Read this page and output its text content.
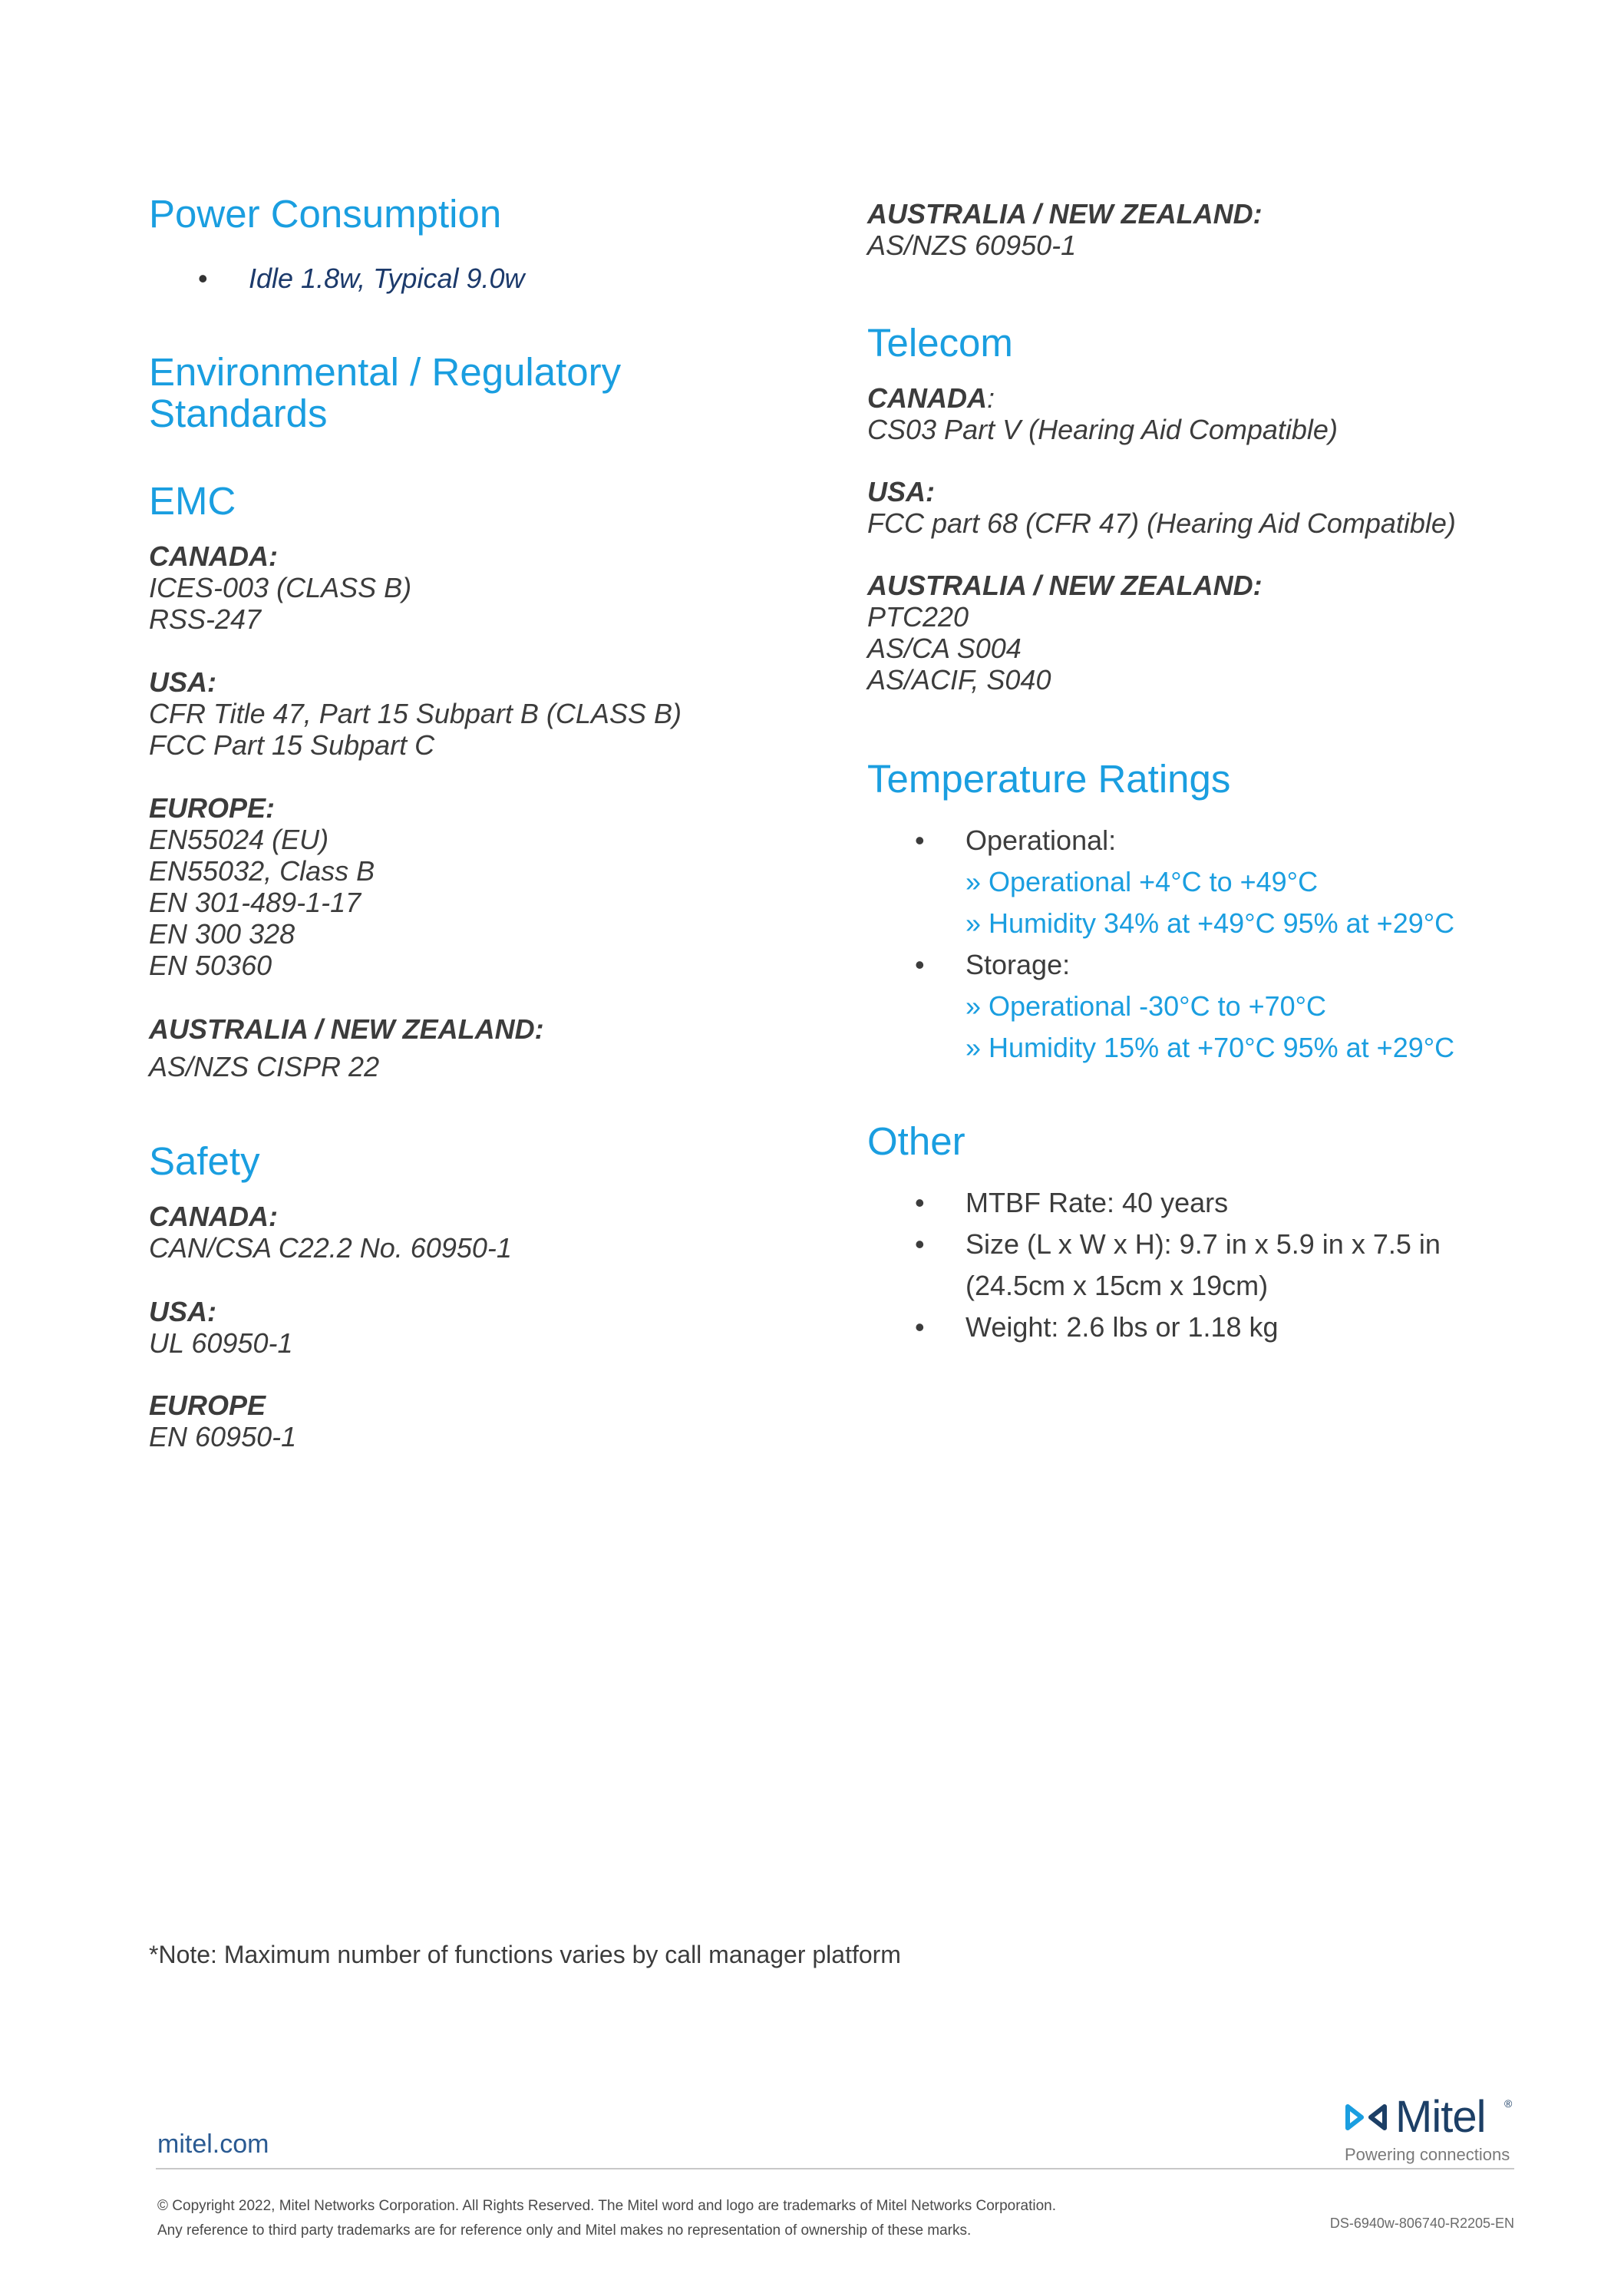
Power Consumption
• Idle 1.8w, Typical 9.0w
Environmental / Regulatory
Standards
EMC
CANADA:
ICES-003 (CLASS B)
RSS-247
USA:
CFR Title 47, Part 15 Subpart B (CLASS B)
FCC Part 15 Subpart C
EUROPE:
EN55024 (EU)
EN55032, Class B
EN 301-489-1-17
EN 300 328
EN 50360
AUSTRALIA / NEW ZEALAND:
AS/NZS CISPR 22
Safety
CANADA:
CAN/CSA C22.2 No. 60950-1
USA:
UL 60950-1
EUROPE
EN 60950-1
AUSTRALIA / NEW ZEALAND:
AS/NZS 60950-1
Telecom
CANADA:
CS03 Part V (Hearing Aid Compatible)
USA:
FCC part 68 (CFR 47) (Hearing Aid Compatible)
AUSTRALIA / NEW ZEALAND:
PTC220
AS/CA S004
AS/ACIF, S040
Temperature Ratings
• Operational:
» Operational +4°C to +49°C
» Humidity 34% at +49°C 95% at +29°C
• Storage:
» Operational -30°C to +70°C
» Humidity 15% at +70°C 95% at +29°C
Other
• MTBF Rate: 40 years
• Size (L x W x H): 9.7 in x 5.9 in x 7.5 in
(24.5cm x 15cm x 19cm)
• Weight: 2.6 lbs or 1.18 kg
*Note: Maximum number of functions varies by call manager platform
mitel.com
Mitel ®
Powering connections
© Copyright 2022, Mitel Networks Corporation. All Rights Reserved. The Mitel word and logo are trademarks of Mitel Networks Corporation.
Any reference to third party trademarks are for reference only and Mitel makes no representation of ownership of these marks.	DS-6940w-806740-R2205-EN
